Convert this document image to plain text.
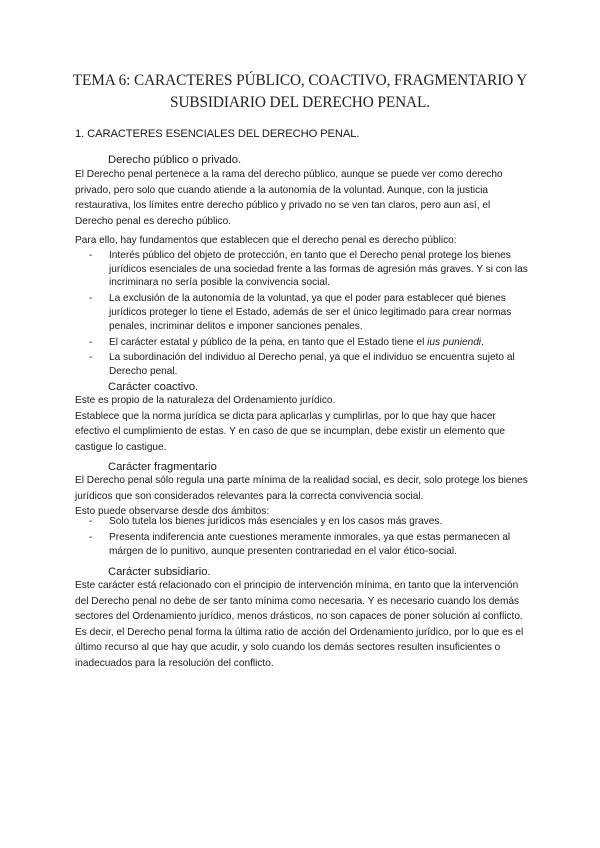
TEMA 6: CARACTERES PÚBLICO, COACTIVO, FRAGMENTARIO Y
SUBSIDIARIO DEL DERECHO PENAL.
1. CARACTERES ESENCIALES DEL DERECHO PENAL.
Derecho público o privado.
El Derecho penal pertenece a la rama del derecho público, aunque se puede ver como derecho
privado, pero solo que cuando atiende a la autonomía de la voluntad. Aunque, con la justicia
restaurativa, los límites entre derecho público y privado no se ven tan claros, pero aun así, el
Derecho penal es derecho público.
Para ello, hay fundamentos que establecen que el derecho penal es derecho público:
- Interés público del objeto de protección, en tanto que el Derecho penal protege los bienes
jurídicos esenciales de una sociedad frente a las formas de agresión más graves. Y si con las
incriminara no sería posible la convivencia social.
- La exclusión de la autonomía de la voluntad, ya que el poder para establecer qué bienes
jurídicos proteger lo tiene el Estado, además de ser el único legitimado para crear normas
penales, incriminar delitos e imponer sanciones penales.
- El carácter estatal y público de la pena, en tanto que el Estado tiene el ius puniendi.
- La subordinación del individuo al Derecho penal, ya que el individuo se encuentra sujeto al
Derecho penal.
Carácter coactivo.
Este es propio de la naturaleza del Ordenamiento jurídico.
Establece que la norma jurídica se dicta para aplicarlas y cumplirlas, por lo que hay que hacer
efectivo el cumplimiento de estas. Y en caso de que se incumplan, debe existir un elemento que
castigue lo castigue.
Carácter fragmentario
El Derecho penal sólo regula una parte mínima de la realidad social, es decir, solo protege los bienes
jurídicos que son considerados relevantes para la correcta convivencia social.
Esto puede observarse desde dos ámbitos:
- Solo tutela los bienes jurídicos más esenciales y en los casos más graves.
- Presenta indiferencia ante cuestiones meramente inmorales, ya que estas permanecen al
márgen de lo punitivo, aunque presenten contrariedad en el valor ético-social.
Carácter subsidiario.
Este carácter está relacionado con el principio de intervención mínima, en tanto que la intervención
del Derecho penal no debe de ser tanto mínima como necesaria. Y es necesario cuando los demás
sectores del Ordenamiento jurídico, menos drásticos, no son capaces de poner solución al conflicto.
Es decir, el Derecho penal forma la última ratio de acción del Ordenamiento jurídico, por lo que es el
último recurso al que hay que acudir, y solo cuando los demás sectores resulten insuficientes o
inadecuados para la resolución del conflicto.
